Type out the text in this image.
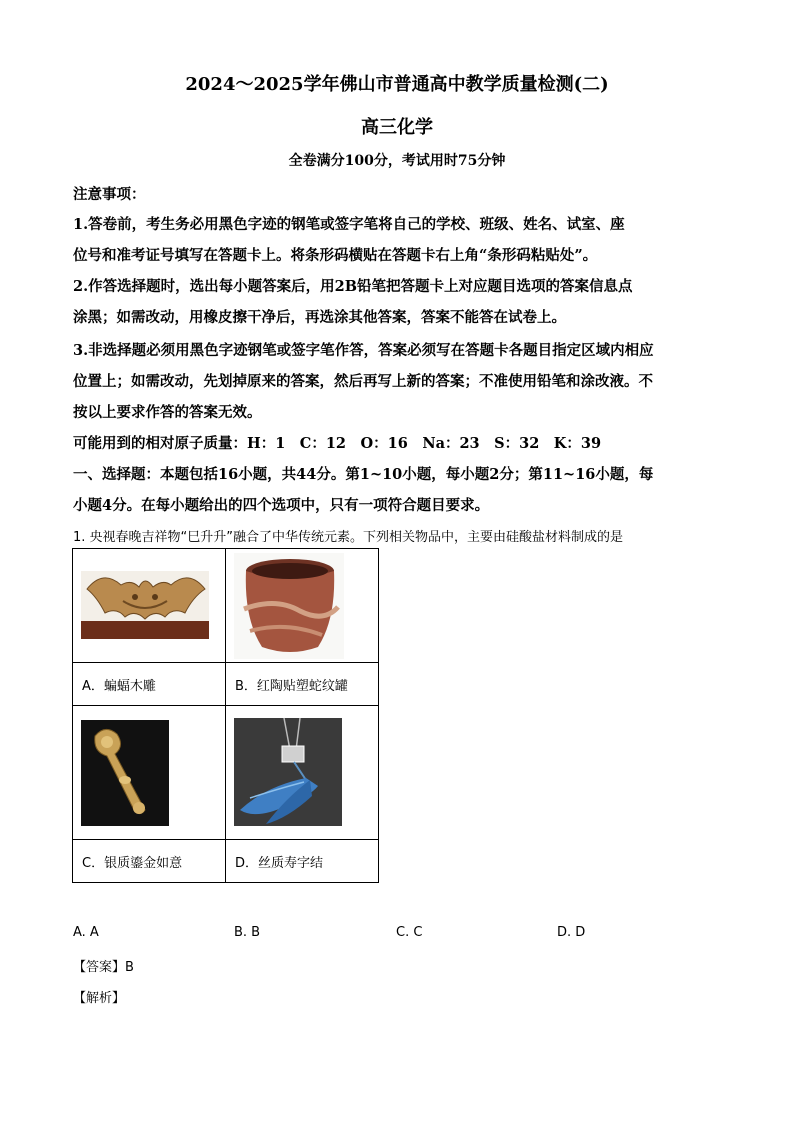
2024～2025学年佛山市普通高中教学质量检测(二)
高三化学
全卷满分100分，考试用时75分钟
注意事项：
1.答卷前，考生务必用黑色字迹的钢笔或签字笔将自己的学校、班级、姓名、试室、座
位号和准考证号填写在答题卡上。将条形码横贴在答题卡右上角“条形码粘贴处”。
2.作答选择题时，选出每小题答案后，用2B铅笔把答题卡上对应题目选项的答案信息点
涂黑；如需改动，用橡皮擦干净后，再选涂其他答案，答案不能答在试卷上。
3.非选择题必须用黑色字迹钢笔或签字笔作答，答案必须写在答题卡各题目指定区域内相应
位置上；如需改动，先划掉原来的答案，然后再写上新的答案；不准使用铅笔和涂改液。不
按以上要求作答的答案无效。
可能用到的相对原子质量：H：1　C：12　O：16　Na：23　S：32　K：39
一、选择题：本题包括16小题，共44分。第1~10小题，每小题2分；第11~16小题，每
小题4分。在每小题给出的四个选项中，只有一项符合题目要求。
1. 央视春晚吉祥物“巳升升”融合了中华传统元素。下列相关物品中，主要由硅酸盐材料制成的是

A．蝙蝠木雕	B．红陶贴塑蛇纹罐

C．银质鎏金如意	D．丝质寿字结
A. A	B. B	C. C	D. D
【答案】B
【解析】
